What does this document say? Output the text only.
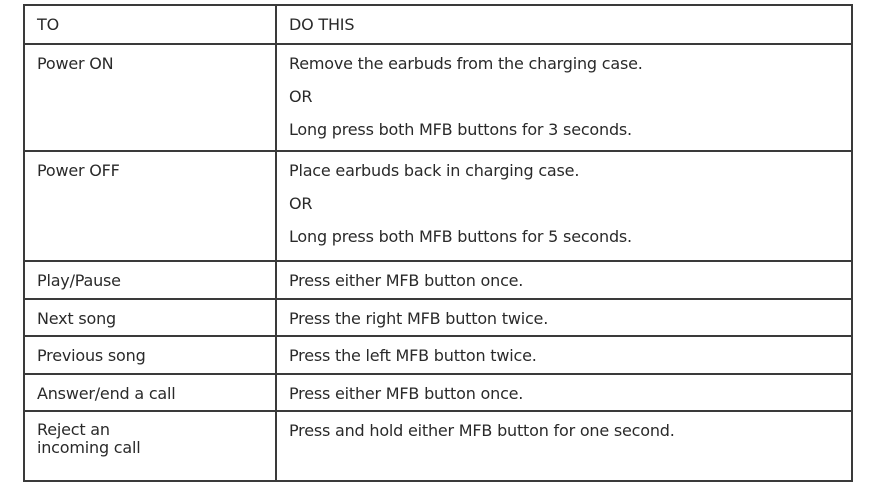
TO	DO THIS
Power ON	Remove the earbuds from the charging case.
OR
Long press both MFB buttons for 3 seconds.

Power OFF	Place earbuds back in charging case.
OR
Long press both MFB buttons for 5 seconds.

Play/Pause	Press either MFB button once.
Next song	Press the right MFB button twice.
Previous song	Press the left MFB button twice.
Answer/end a call	Press either MFB button once.

Reject an
incoming call	Press and hold either MFB button for one second.
